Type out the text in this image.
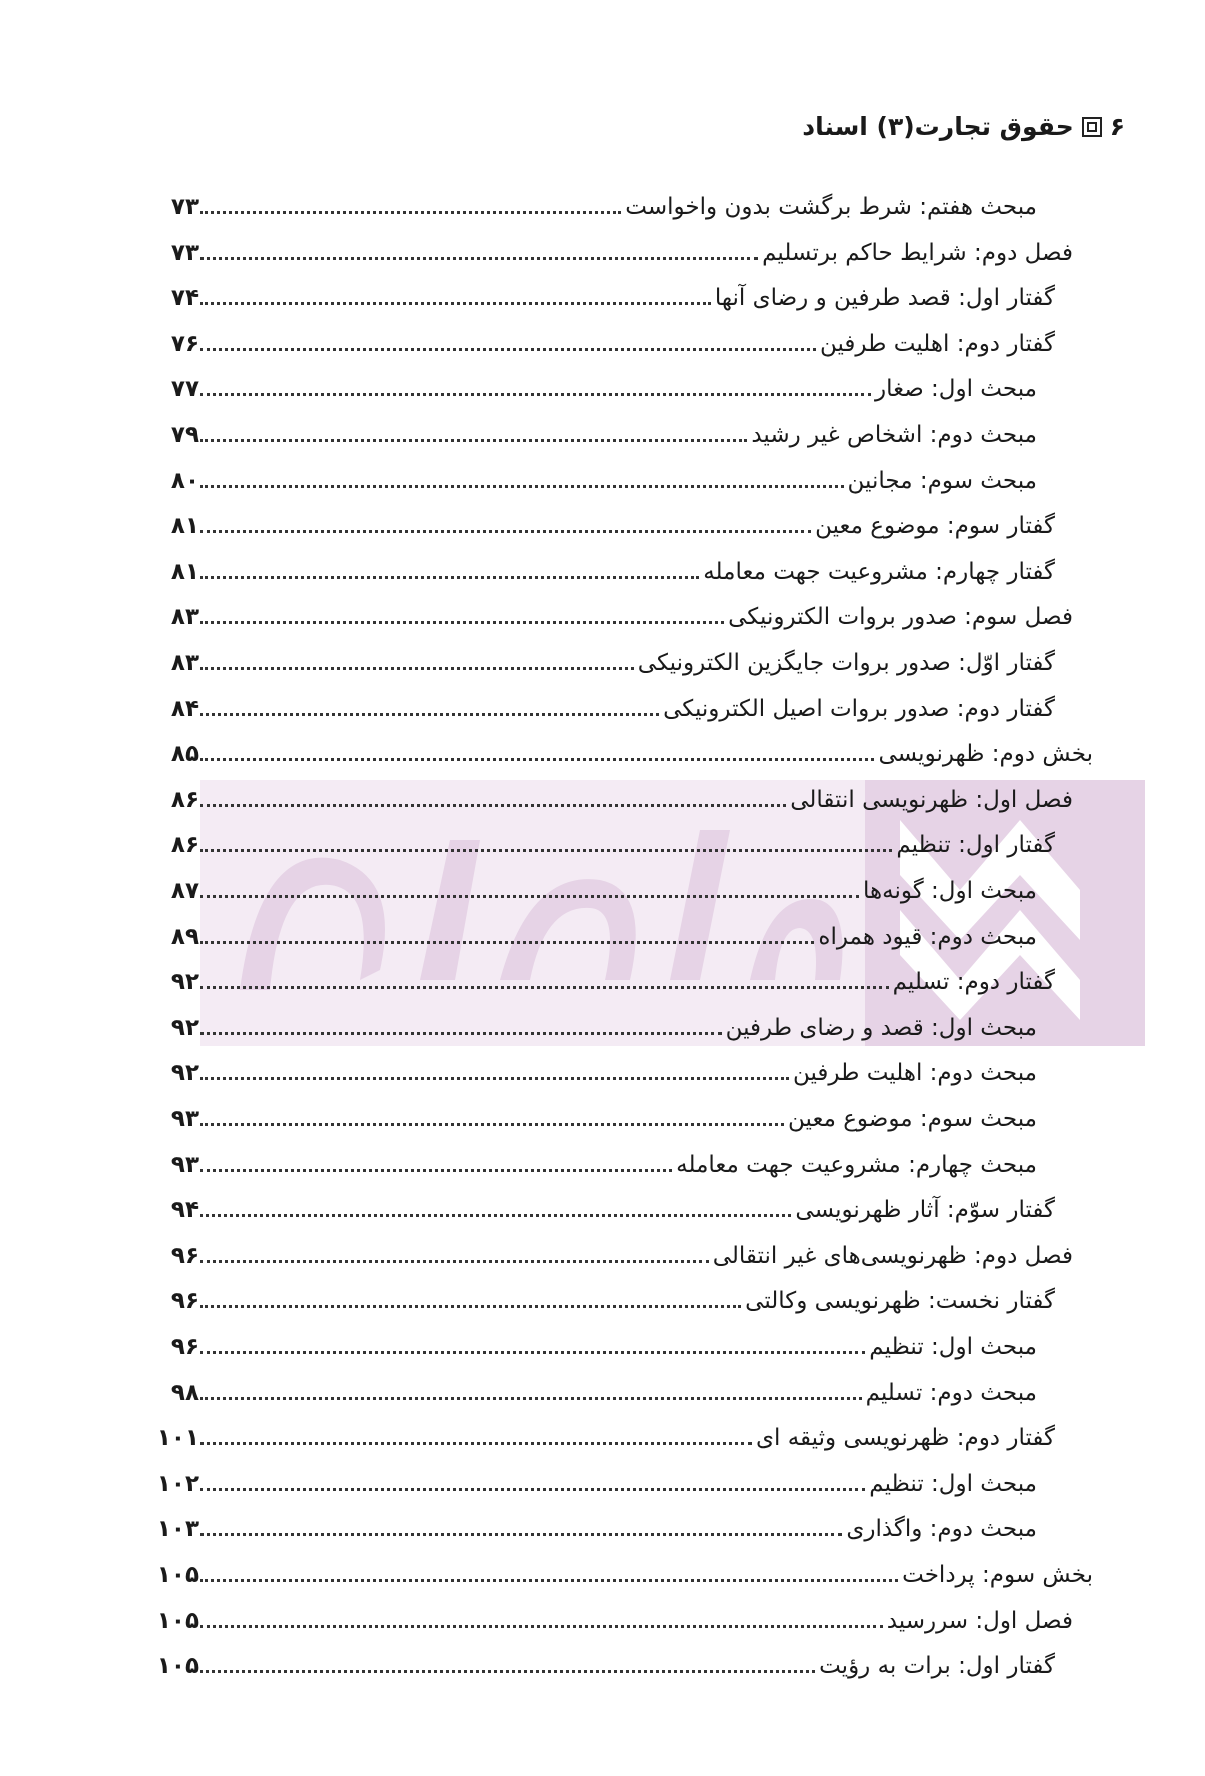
۶
حقوق تجارت(۳) اسناد
مبحث هفتم: شرط برگشت بدون واخواست
۷۳
فصل دوم: شرایط حاکم برتسلیم
۷۳
گفتار اول: قصد طرفین و رضای آنها
۷۴
گفتار دوم: اهلیت طرفین
۷۶
مبحث اول: صغار
۷۷
مبحث دوم: اشخاص غیر رشید
۷۹
مبحث سوم: مجانین
۸۰
گفتار سوم: موضوع معین
۸۱
گفتار چهارم: مشروعیت جهت معامله
۸۱
فصل سوم: صدور بروات الکترونیکی
۸۳
گفتار اوّل: صدور بروات جایگزین الکترونیکی
۸۳
گفتار دوم: صدور بروات اصیل الکترونیکی
۸۴
بخش دوم: ظهرنویسی
۸۵
فصل اول: ظهرنویسی انتقالی
۸۶
گفتار اول: تنظیم
۸۶
مبحث اول: گونه‌ها
۸۷
مبحث دوم: قیود همراه
۸۹
گفتار دوم: تسلیم
۹۲
مبحث اول: قصد و رضای طرفین
۹۲
مبحث دوم: اهلیت طرفین
۹۲
مبحث سوم: موضوع معین
۹۳
مبحث چهارم: مشروعیت جهت معامله
۹۳
گفتار سوّم: آثار ظهرنویسی
۹۴
فصل دوم: ظهرنویسی‌های غیر انتقالی
۹۶
گفتار نخست: ظهرنویسی وکالتی
۹۶
مبحث اول: تنظیم
۹۶
مبحث دوم: تسلیم
۹۸
گفتار دوم: ظهرنویسی وثیقه ای
۱۰۱
مبحث اول: تنظیم
۱۰۲
مبحث دوم: واگذاری
۱۰۳
بخش سوم: پرداخت
۱۰۵
فصل اول: سررسید
۱۰۵
گفتار اول: برات به رؤیت
۱۰۵
